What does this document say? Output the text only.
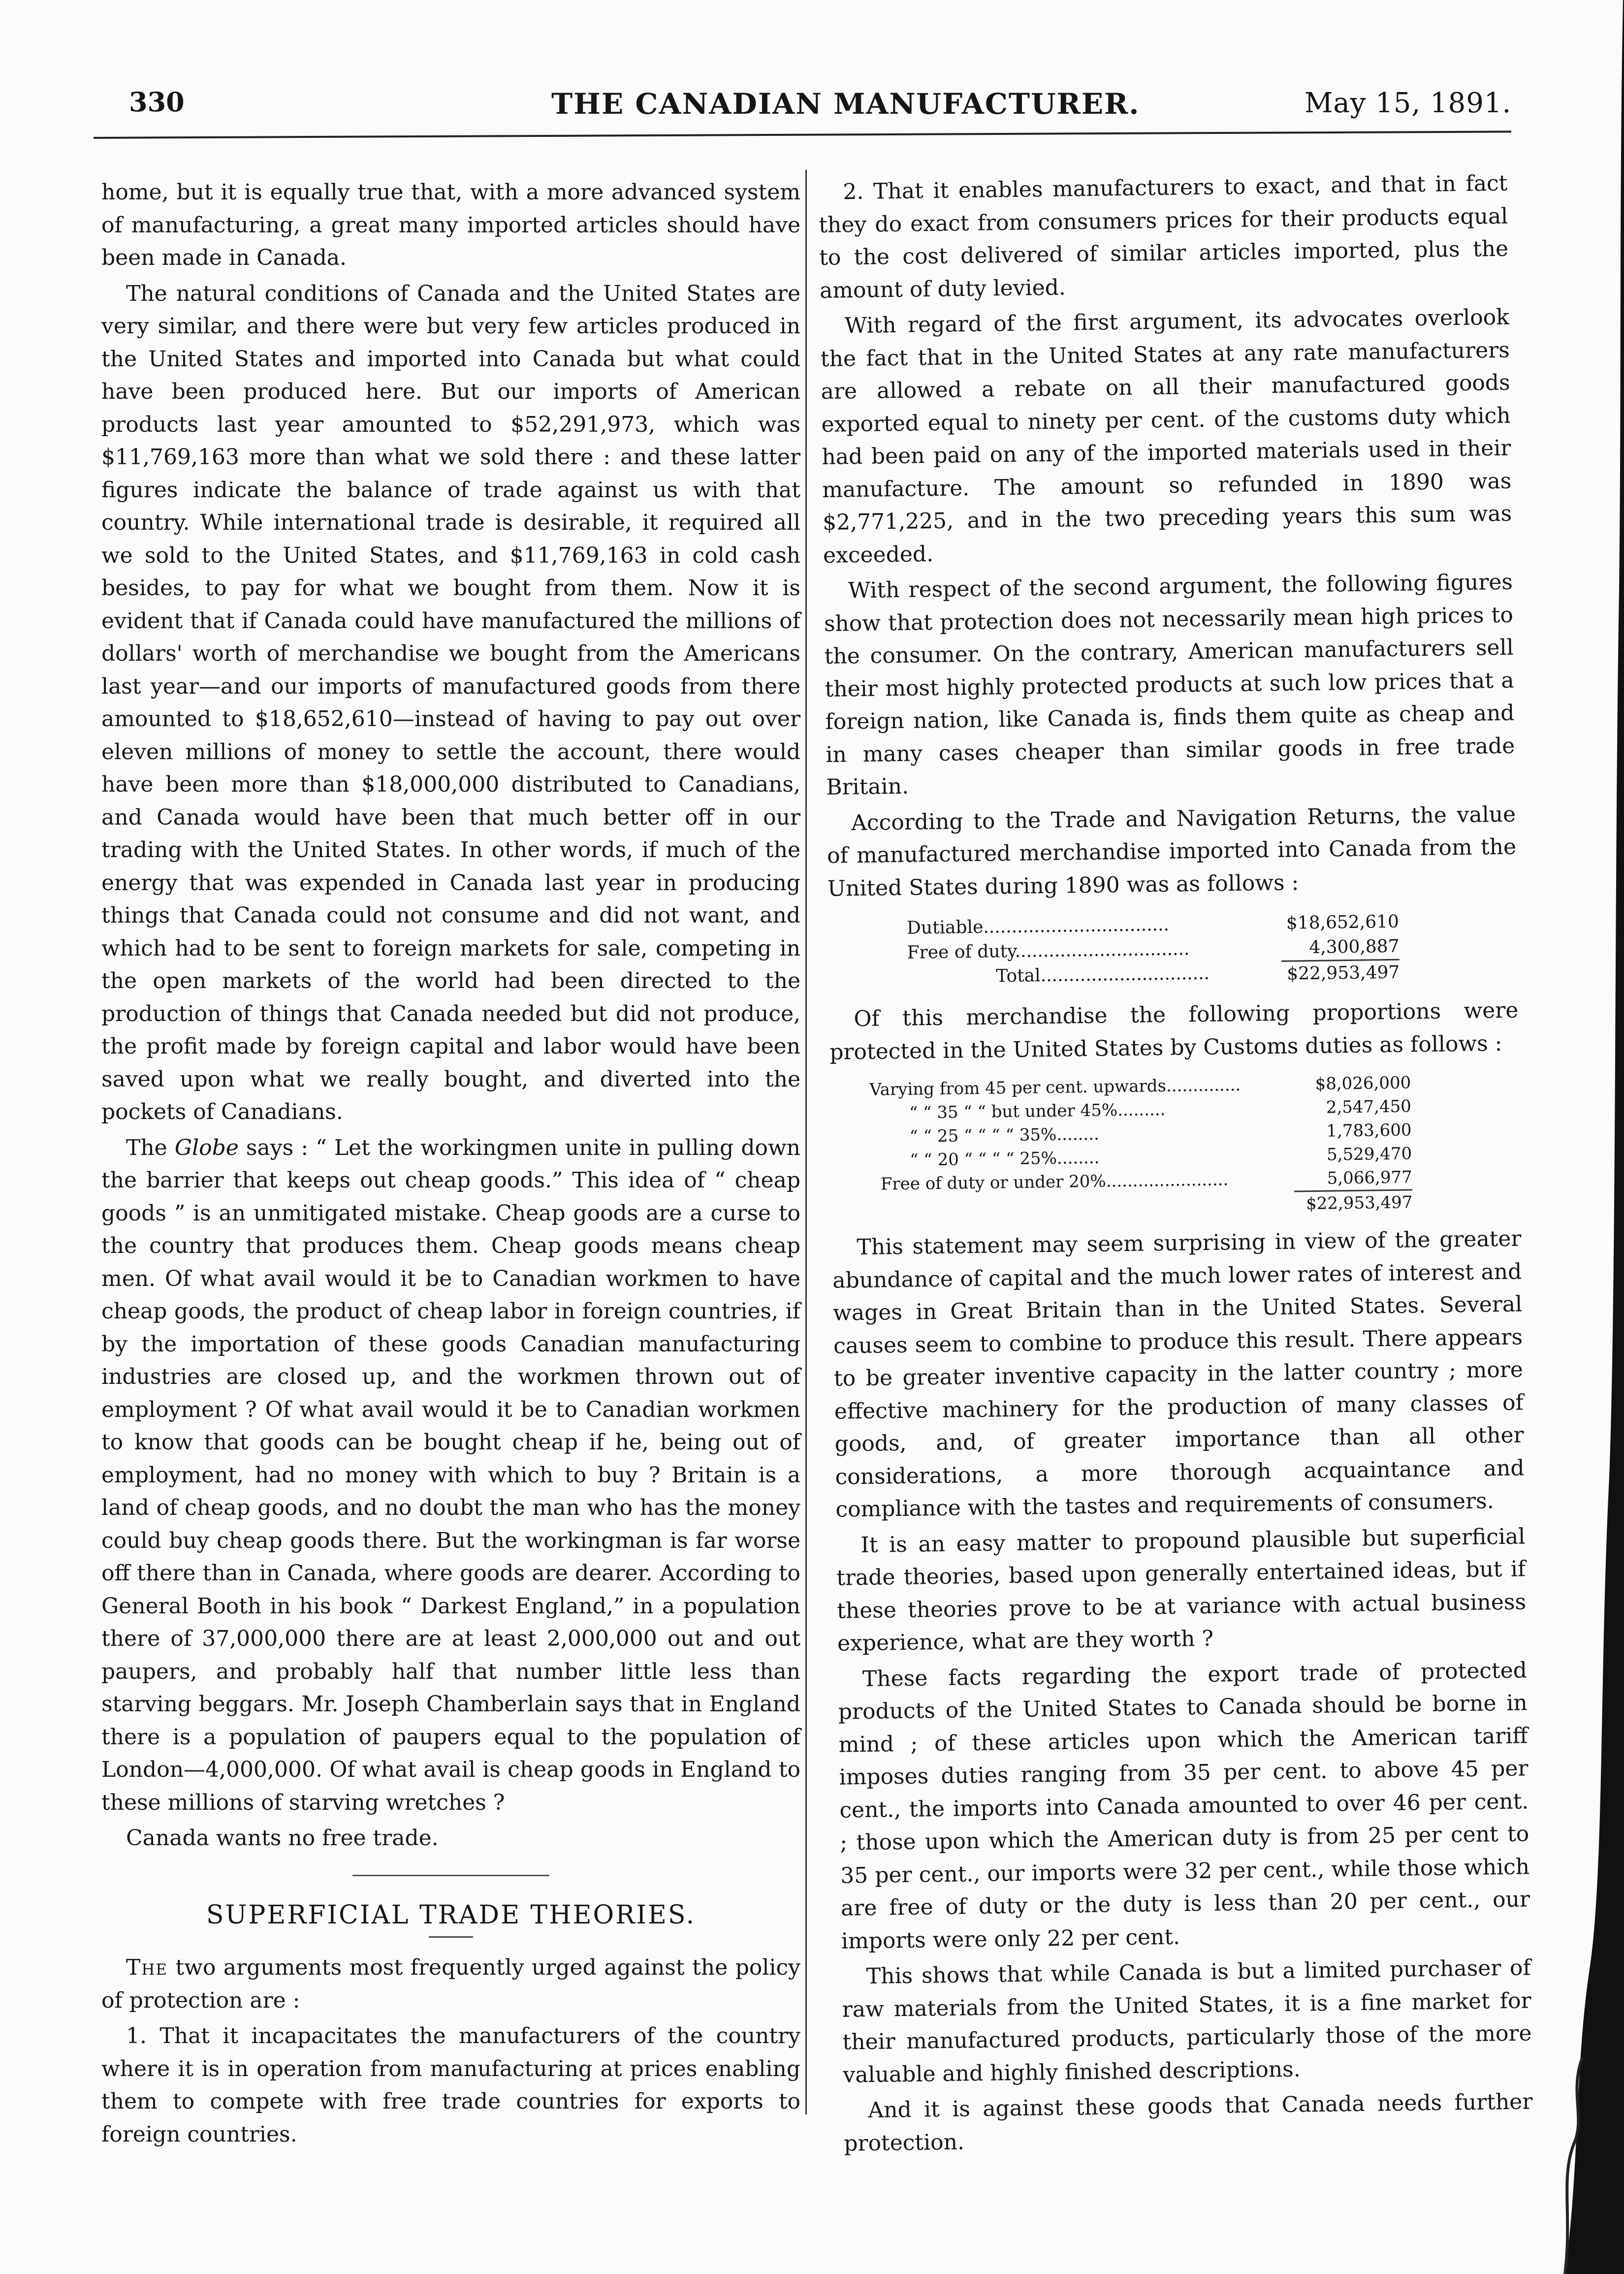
330	THE CANADIAN MANUFACTURER.	May 15, 1891.

home, but it is equally true that, with a more advanced system of manufacturing, a great many imported articles should have been made in Canada.

The natural conditions of Canada and the United States are very similar, and there were but very few articles produced in the United States and imported into Canada but what could have been produced here. But our imports of American products last year amounted to $52,291,973, which was $11,769,163 more than what we sold there : and these latter figures indicate the balance of trade against us with that country. While international trade is desirable, it required all we sold to the United States, and $11,769,163 in cold cash besides, to pay for what we bought from them. Now it is evident that if Canada could have manufactured the millions of dollars' worth of merchandise we bought from the Americans last year—and our imports of manufactured goods from there amounted to $18,652,610—instead of having to pay out over eleven millions of money to settle the account, there would have been more than $18,000,000 distributed to Canadians, and Canada would have been that much better off in our trading with the United States. In other words, if much of the energy that was expended in Canada last year in producing things that Canada could not consume and did not want, and which had to be sent to foreign markets for sale, competing in the open markets of the world had been directed to the production of things that Canada needed but did not produce, the profit made by foreign capital and labor would have been saved upon what we really bought, and diverted into the pockets of Canadians.

The Globe says : “ Let the workingmen unite in pulling down the barrier that keeps out cheap goods.” This idea of “ cheap goods ” is an unmitigated mistake. Cheap goods are a curse to the country that produces them. Cheap goods means cheap men. Of what avail would it be to Canadian workmen to have cheap goods, the product of cheap labor in foreign countries, if by the importation of these goods Canadian manufacturing industries are closed up, and the workmen thrown out of employment ? Of what avail would it be to Canadian workmen to know that goods can be bought cheap if he, being out of employment, had no money with which to buy ? Britain is a land of cheap goods, and no doubt the man who has the money could buy cheap goods there. But the workingman is far worse off there than in Canada, where goods are dearer. According to General Booth in his book “ Darkest England,” in a population there of 37,000,000 there are at least 2,000,000 out and out paupers, and probably half that number little less than starving beggars. Mr. Joseph Chamberlain says that in England there is a population of paupers equal to the population of London—4,000,000. Of what avail is cheap goods in England to these millions of starving wretches ?

Canada wants no free trade.

SUPERFICIAL TRADE THEORIES.

The two arguments most frequently urged against the policy of protection are :

1. That it incapacitates the manufacturers of the country where it is in operation from manufacturing at prices enabling them to compete with free trade countries for exports to foreign countries.

2. That it enables manufacturers to exact, and that in fact they do exact from consumers prices for their products equal to the cost delivered of similar articles imported, plus the amount of duty levied.

With regard of the first argument, its advocates overlook the fact that in the United States at any rate manufacturers are allowed a rebate on all their manufactured goods exported equal to ninety per cent. of the customs duty which had been paid on any of the imported materials used in their manufacture. The amount so refunded in 1890 was $2,771,225, and in the two preceding years this sum was exceeded.

With respect of the second argument, the following figures show that protection does not necessarily mean high prices to the consumer. On the contrary, American manufacturers sell their most highly protected products at such low prices that a foreign nation, like Canada is, finds them quite as cheap and in many cases cheaper than similar goods in free trade Britain.

According to the Trade and Navigation Returns, the value of manufactured merchandise imported into Canada from the United States during 1890 was as follows :

Dutiable.................................	$18,652,610
Free of duty...............................	4,300,887
Total..............................	$22,953,497

Of this merchandise the following proportions were protected in the United States by Customs duties as follows :

Varying from 45 per cent. upwards..............	$8,026,000
“ “ 35 “ “ but under 45%.........	2,547,450
“ “ 25 “ “ “ “ 35%........	1,783,600
“ “ 20 “ “ “ “ 25%........	5,529,470
Free of duty or under 20%.......................	5,066,977
$22,953,497

This statement may seem surprising in view of the greater abundance of capital and the much lower rates of interest and wages in Great Britain than in the United States. Several causes seem to combine to produce this result. There appears to be greater inventive capacity in the latter country ; more effective machinery for the production of many classes of goods, and, of greater importance than all other considerations, a more thorough acquaintance and compliance with the tastes and requirements of consumers.

It is an easy matter to propound plausible but superficial trade theories, based upon generally entertained ideas, but if these theories prove to be at variance with actual business experience, what are they worth ?

These facts regarding the export trade of protected products of the United States to Canada should be borne in mind ; of these articles upon which the American tariff imposes duties ranging from 35 per cent. to above 45 per cent., the imports into Canada amounted to over 46 per cent. ; those upon which the American duty is from 25 per cent to 35 per cent., our imports were 32 per cent., while those which are free of duty or the duty is less than 20 per cent., our imports were only 22 per cent.

This shows that while Canada is but a limited purchaser of raw materials from the United States, it is a fine market for their manufactured products, particularly those of the more valuable and highly finished descriptions.

And it is against these goods that Canada needs further protection.
